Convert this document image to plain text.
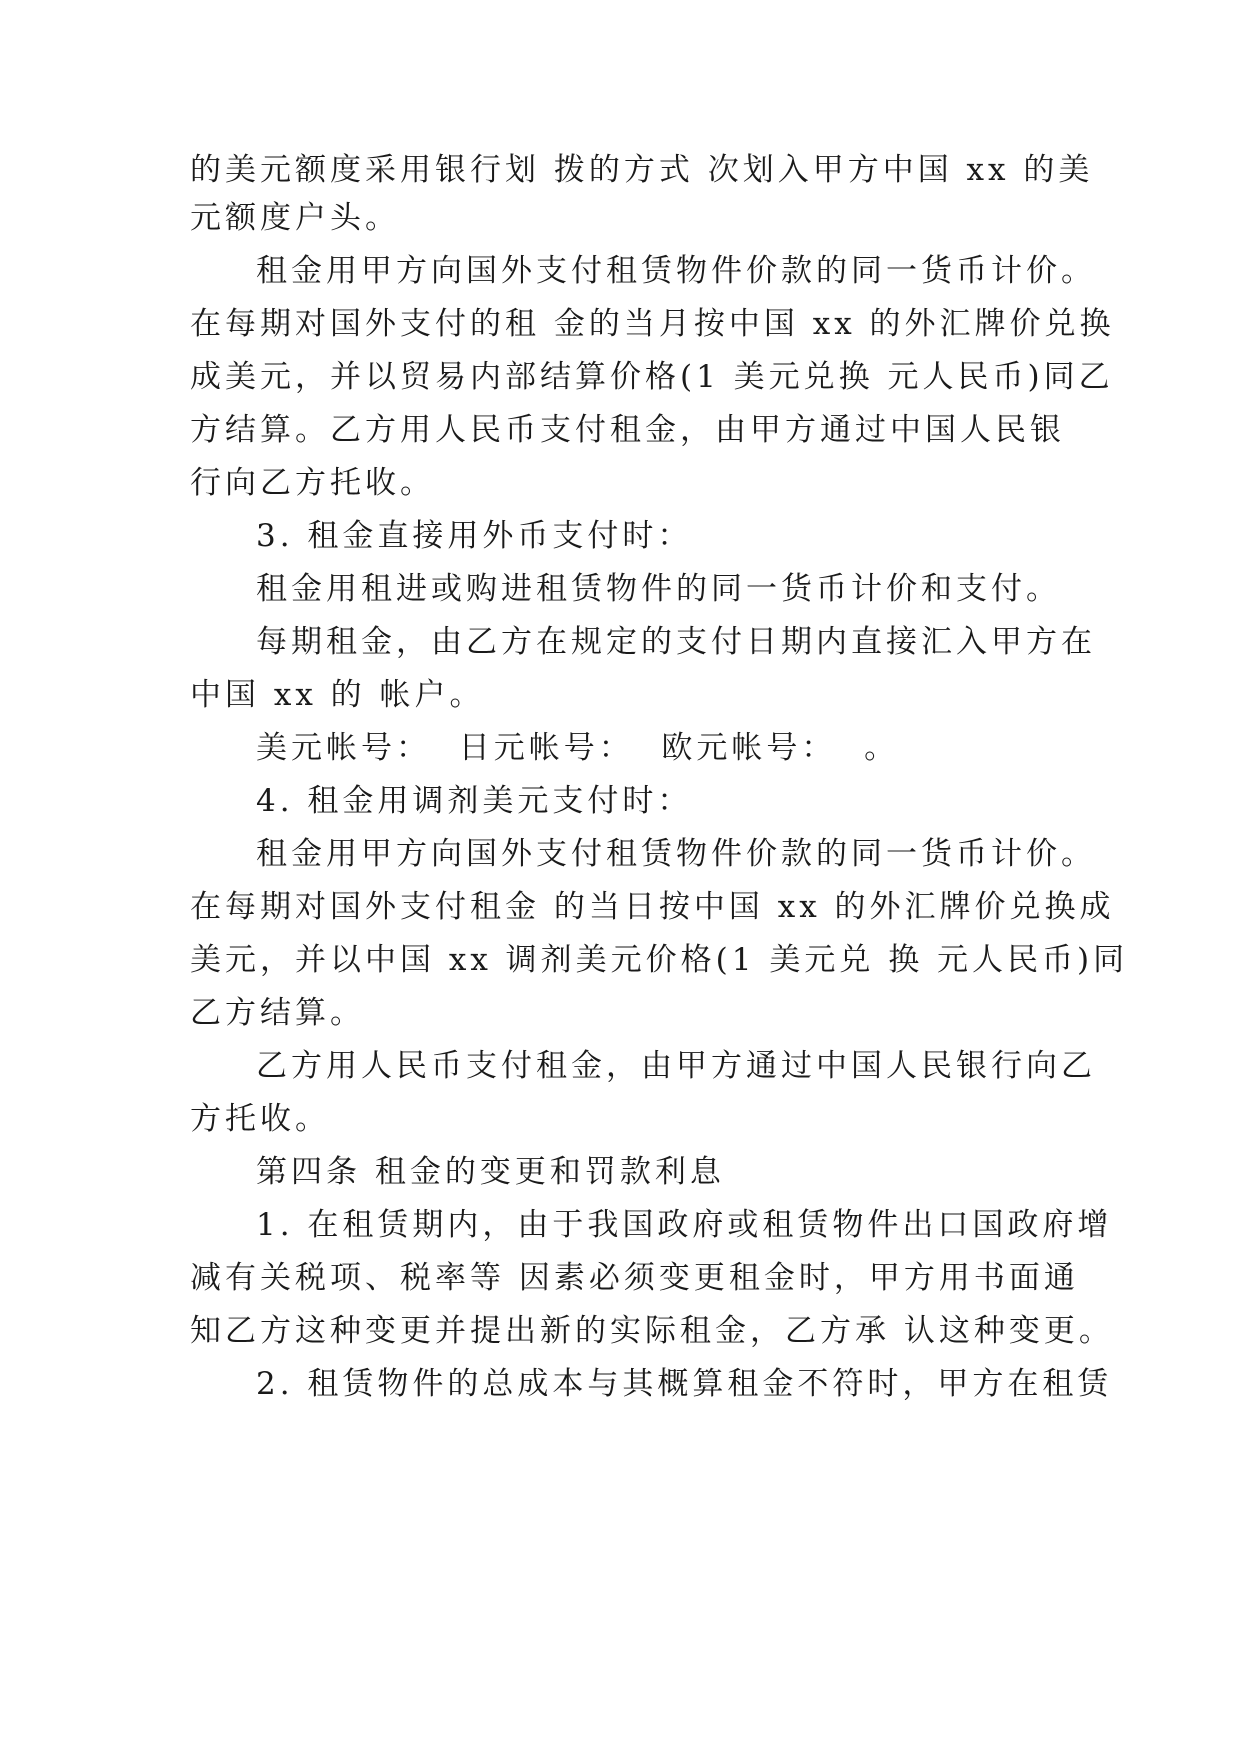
的美元额度采用银行划 拨的方式 次划入甲方中国 xx 的美

元额度户头。

租金用甲方向国外支付租赁物件价款的同一货币计价。

在每期对国外支付的租 金的当月按中国 xx 的外汇牌价兑换

成美元，并以贸易内部结算价格(1 美元兑换 元人民币)同乙

方结算。乙方用人民币支付租金，由甲方通过中国人民银

行向乙方托收。

3. 租金直接用外币支付时：

租金用租进或购进租赁物件的同一货币计价和支付。

每期租金，由乙方在规定的支付日期内直接汇入甲方在

中国 xx 的 帐户。

美元帐号：  日元帐号：  欧元帐号：  。

4. 租金用调剂美元支付时：

租金用甲方向国外支付租赁物件价款的同一货币计价。

在每期对国外支付租金 的当日按中国 xx 的外汇牌价兑换成

美元，并以中国 xx 调剂美元价格(1 美元兑 换 元人民币)同

乙方结算。

乙方用人民币支付租金，由甲方通过中国人民银行向乙

方托收。

第四条 租金的变更和罚款利息

1. 在租赁期内，由于我国政府或租赁物件出口国政府增

减有关税项、税率等 因素必须变更租金时，甲方用书面通

知乙方这种变更并提出新的实际租金，乙方承 认这种变更。

2. 租赁物件的总成本与其概算租金不符时，甲方在租赁
